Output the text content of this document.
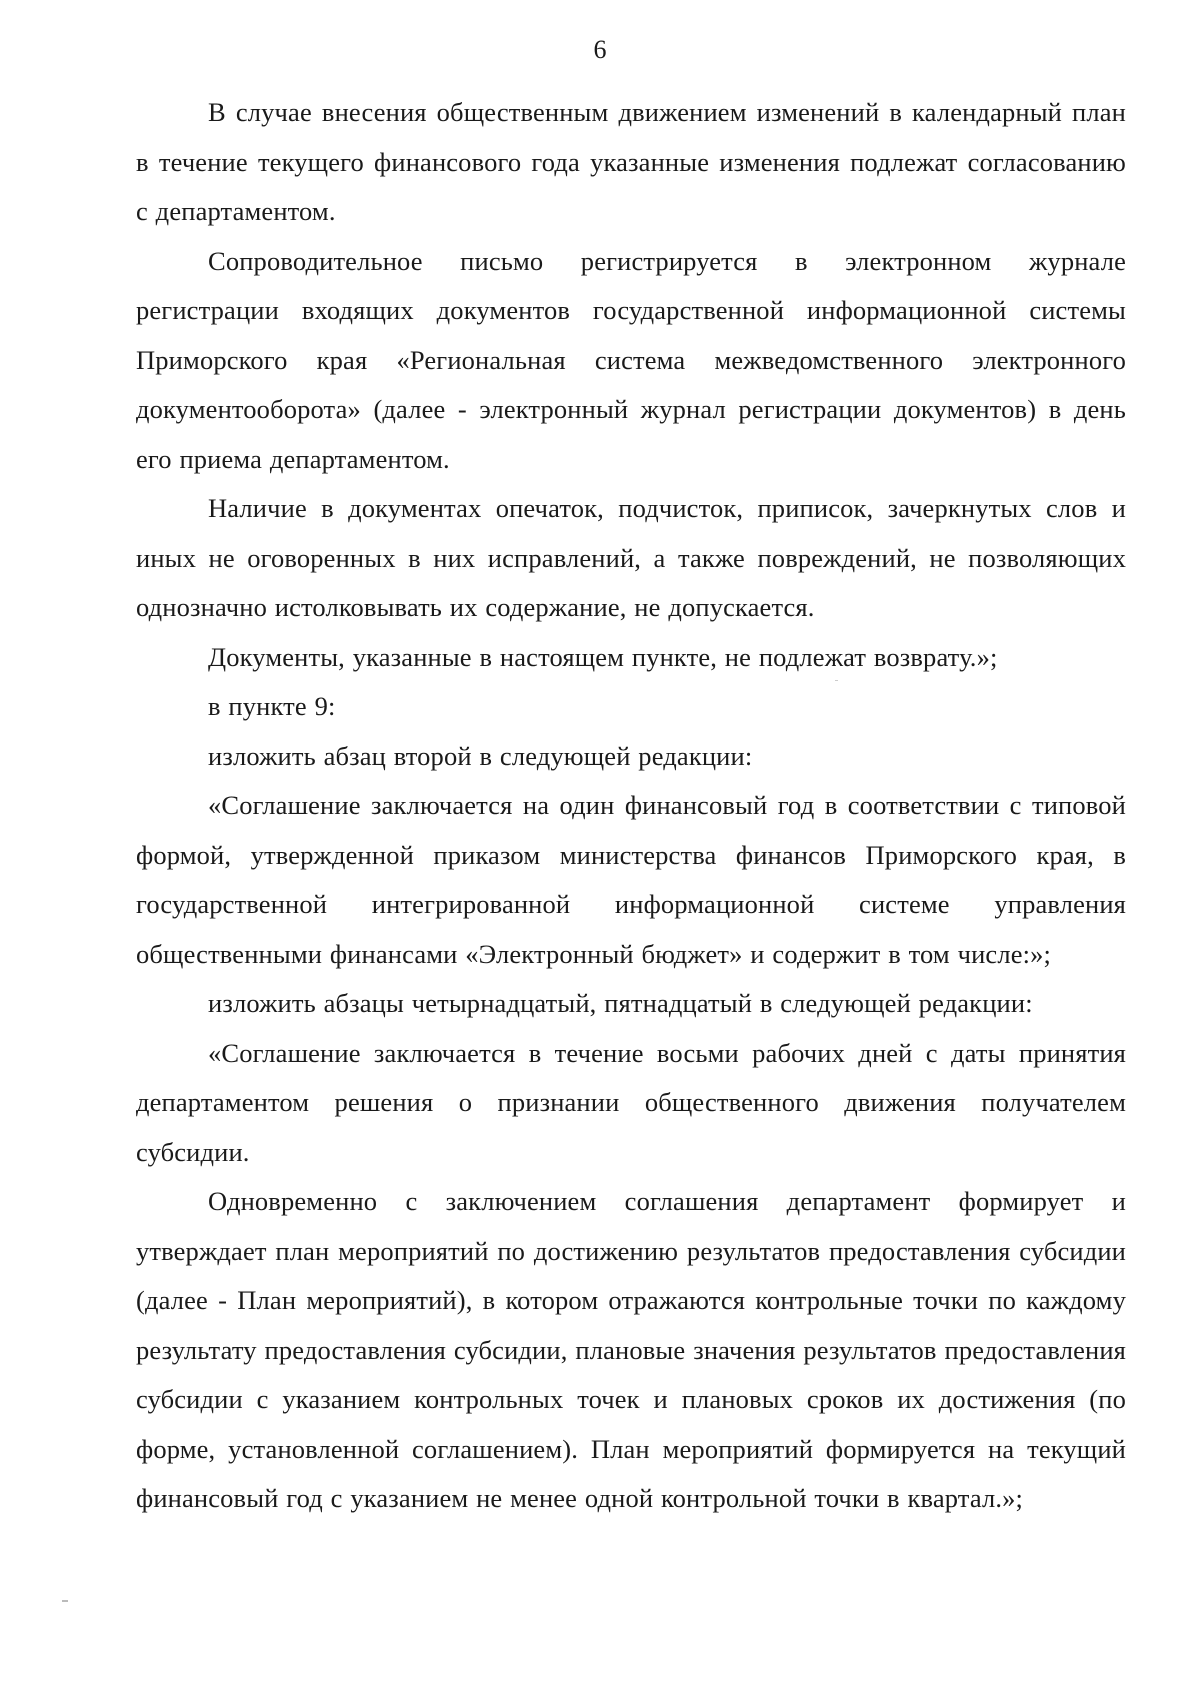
6

В случае внесения общественным движением изменений в календарный план в течение текущего финансового года указанные изменения подлежат согласованию с департаментом.

Сопроводительное письмо регистрируется в электронном журнале регистрации входящих документов государственной информационной системы Приморского края «Региональная система межведомственного электронного документооборота» (далее - электронный журнал регистрации документов) в день его приема департаментом.

Наличие в документах опечаток, подчисток, приписок, зачеркнутых слов и иных не оговоренных в них исправлений, а также повреждений, не позволяющих однозначно истолковывать их содержание, не допускается.

Документы, указанные в настоящем пункте, не подлежат возврату.»;

в пункте 9:

изложить абзац второй в следующей редакции:

«Соглашение заключается на один финансовый год в соответствии с типовой формой, утвержденной приказом министерства финансов Приморского края, в государственной интегрированной информационной системе управления общественными финансами «Электронный бюджет» и содержит в том числе:»;

изложить абзацы четырнадцатый, пятнадцатый в следующей редакции:

«Соглашение заключается в течение восьми рабочих дней с даты принятия департаментом решения о признании общественного движения получателем субсидии.

Одновременно с заключением соглашения департамент формирует и утверждает план мероприятий по достижению результатов предоставления субсидии (далее - План мероприятий), в котором отражаются контрольные точки по каждому результату предоставления субсидии, плановые значения результатов предоставления субсидии с указанием контрольных точек и плановых сроков их достижения (по форме, установленной соглашением). План мероприятий формируется на текущий финансовый год с указанием не менее одной контрольной точки в квартал.»;
